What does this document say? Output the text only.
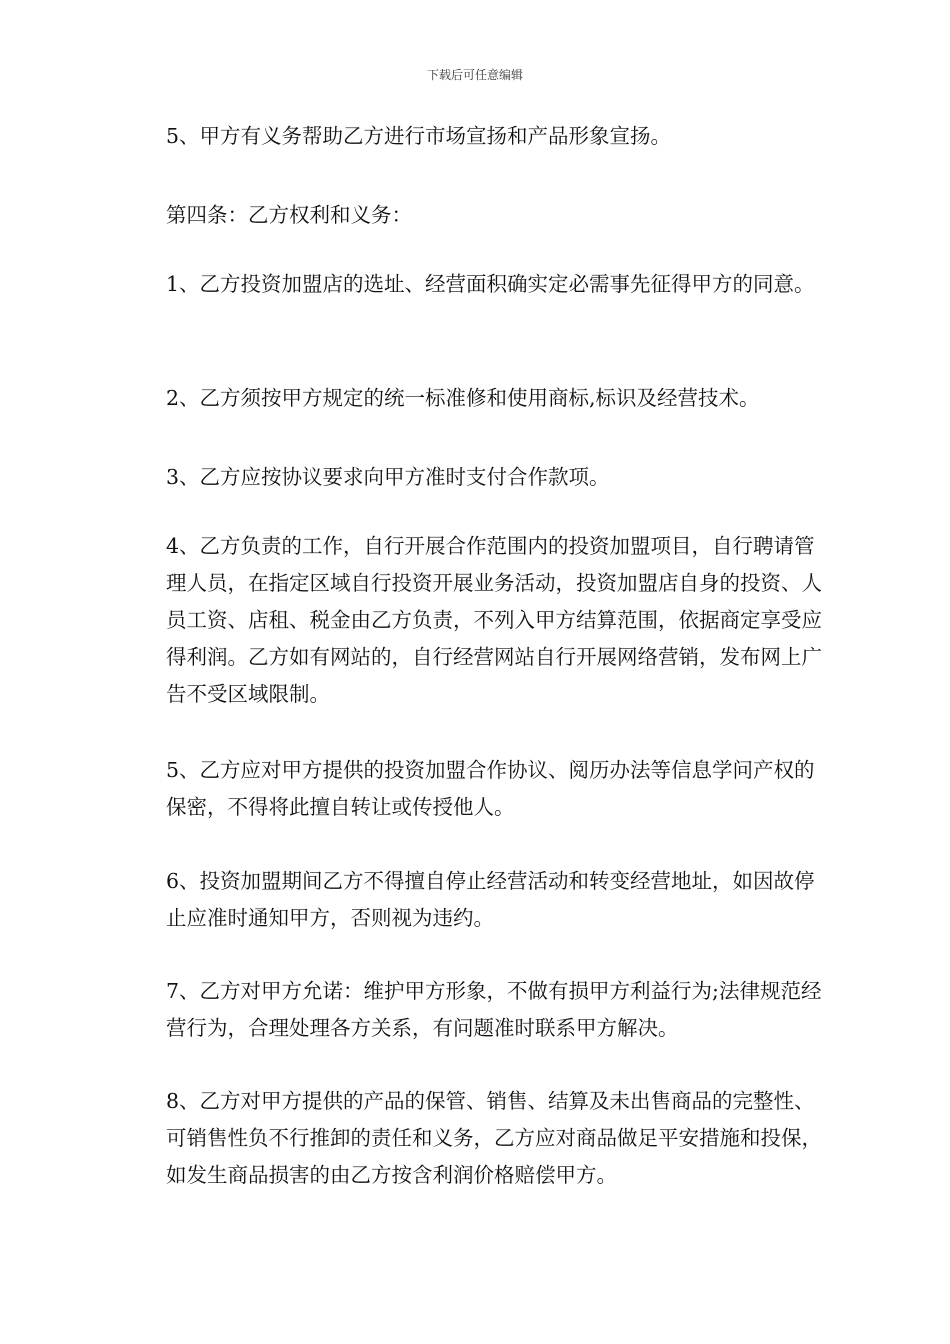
下载后可任意编辑

5、甲方有义务帮助乙方进行市场宣扬和产品形象宣扬。

第四条：乙方权利和义务：

1、乙方投资加盟店的选址、经营面积确实定必需事先征得甲方的同意。

2、乙方须按甲方规定的统一标准修和使用商标,标识及经营技术。

3、乙方应按协议要求向甲方准时支付合作款项。

4、乙方负责的工作，自行开展合作范围内的投资加盟项目，自行聘请管理人员，在指定区域自行投资开展业务活动，投资加盟店自身的投资、人员工资、店租、税金由乙方负责，不列入甲方结算范围，依据商定享受应得利润。乙方如有网站的，自行经营网站自行开展网络营销，发布网上广告不受区域限制。

5、乙方应对甲方提供的投资加盟合作协议、阅历办法等信息学问产权的保密，不得将此擅自转让或传授他人。

6、投资加盟期间乙方不得擅自停止经营活动和转变经营地址，如因故停止应准时通知甲方，否则视为违约。

7、乙方对甲方允诺：维护甲方形象，不做有损甲方利益行为;法律规范经营行为，合理处理各方关系，有问题准时联系甲方解决。

8、乙方对甲方提供的产品的保管、销售、结算及未出售商品的完整性、可销售性负不行推卸的责任和义务，乙方应对商品做足平安措施和投保，如发生商品损害的由乙方按含利润价格赔偿甲方。
